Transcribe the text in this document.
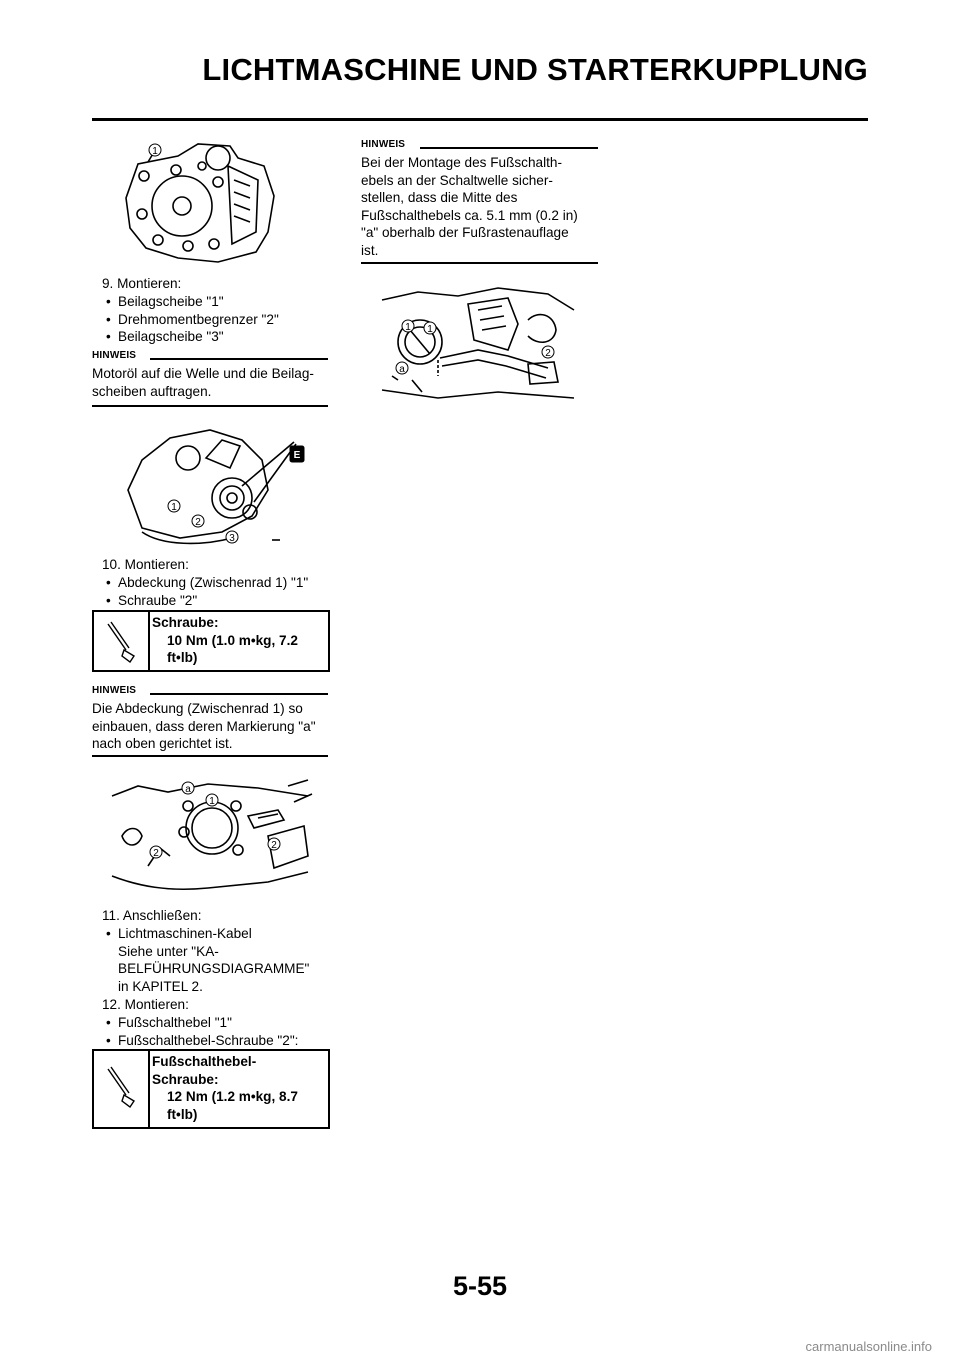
LICHTMASCHINE UND STARTERKUPPLUNG
1
9. Montieren:
• Beilagscheibe "1"
• Drehmomentbegrenzer "2"
• Beilagscheibe "3"
HINWEIS
Motoröl auf die Welle und die Beilag-
scheiben auftragen.
1
2
3
E
10. Montieren:
• Abdeckung (Zwischenrad 1) "1"
• Schraube "2"
Schraube:
10 Nm (1.0 m•kg, 7.2
ft•lb)
HINWEIS
Die Abdeckung (Zwischenrad 1) so
einbauen, dass deren Markierung "a"
nach oben gerichtet ist.
a
1
2
2
11. Anschließen:
• Lichtmaschinen-Kabel
Siehe unter "KA-
BELFÜHRUNGSDIAGRAMME"
in KAPITEL 2.
12. Montieren:
• Fußschalthebel "1"
• Fußschalthebel-Schraube "2":
Fußschalthebel-
Schraube:
12 Nm (1.2 m•kg, 8.7
ft•lb)
HINWEIS
Bei der Montage des Fußschalth-
ebels an der Schaltwelle sicher-
stellen, dass die Mitte des
Fußschalthebels ca. 5.1 mm (0.2 in)
"a" oberhalb der Fußrastenauflage
ist.
1 1
2
a
5-55
carmanualsonline.info
